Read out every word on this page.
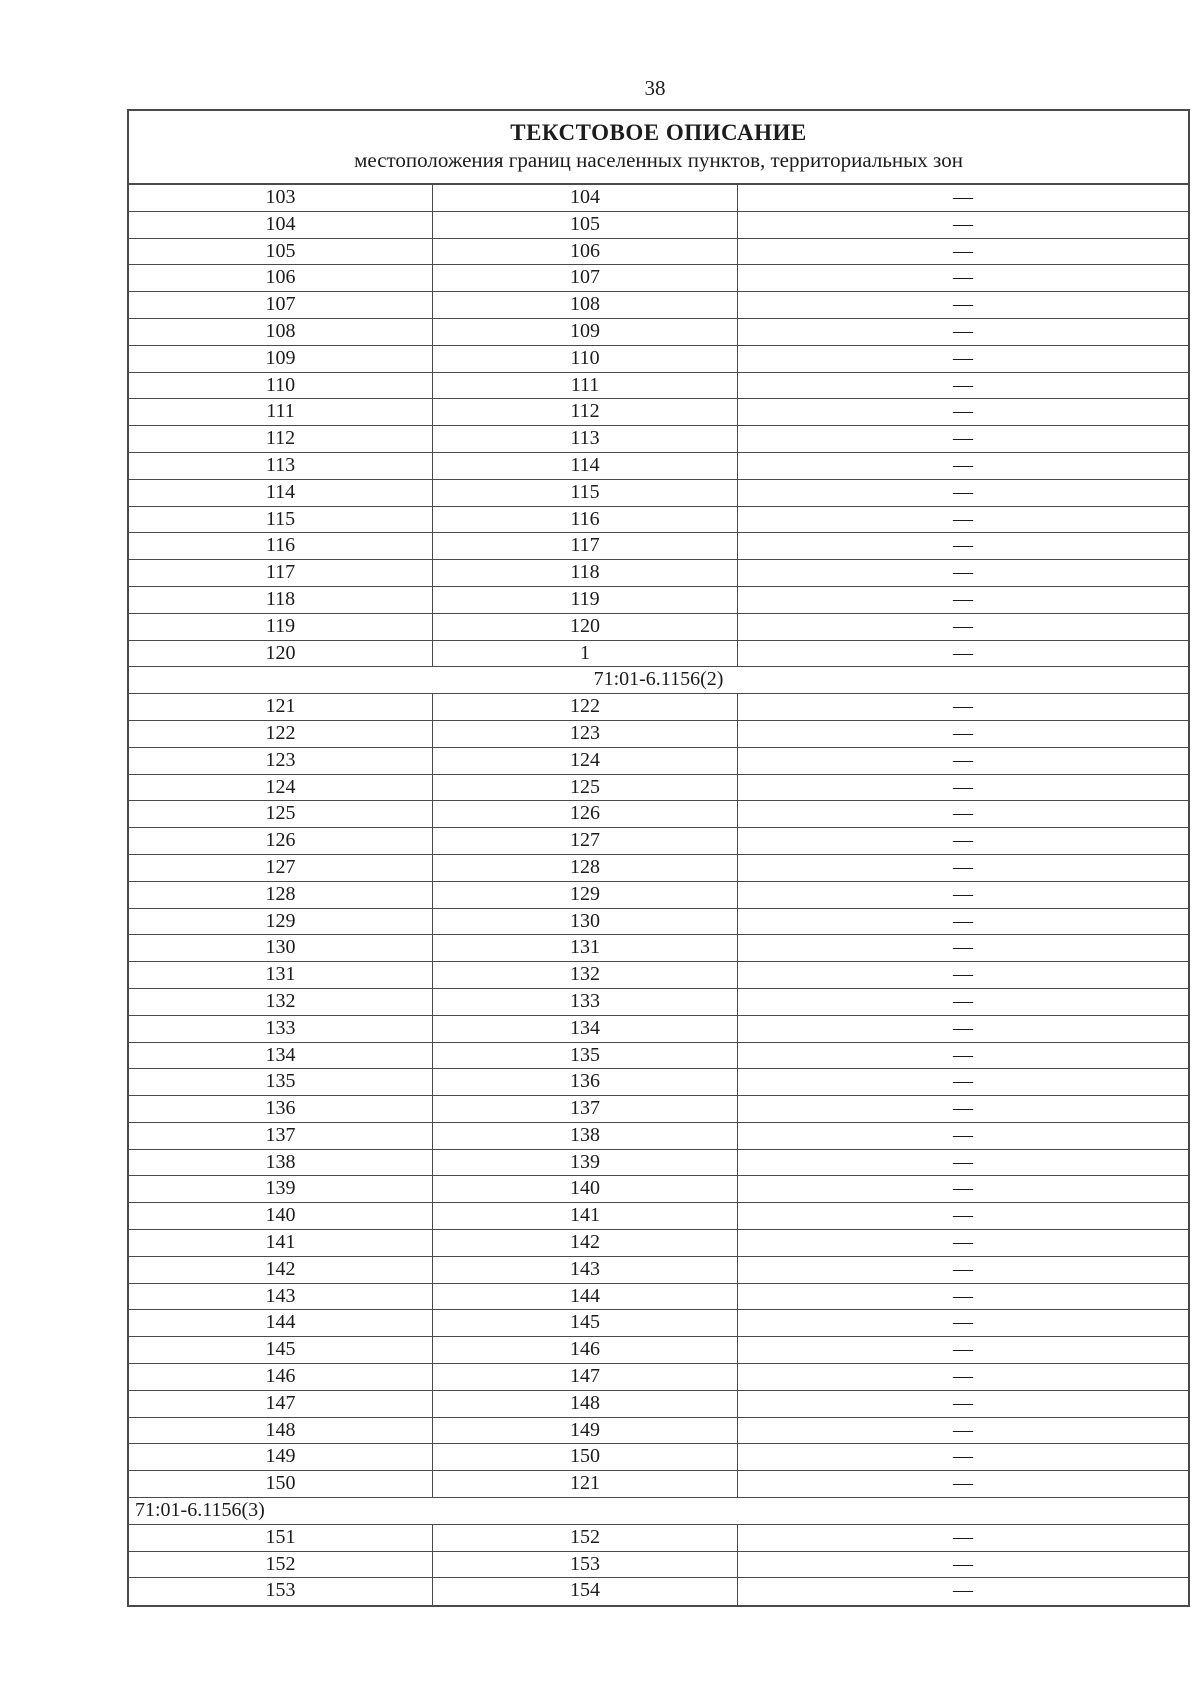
38
ТЕКСТОВОЕ ОПИСАНИЕ
местоположения границ населенных пунктов, территориальных зон
103	104	—
104	105	—
105	106	—
106	107	—
107	108	—
108	109	—
109	110	—
110	111	—
111	112	—
112	113	—
113	114	—
114	115	—
115	116	—
116	117	—
117	118	—
118	119	—
119	120	—
120	1	—
71:01-6.1156(2)
121	122	—
122	123	—
123	124	—
124	125	—
125	126	—
126	127	—
127	128	—
128	129	—
129	130	—
130	131	—
131	132	—
132	133	—
133	134	—
134	135	—
135	136	—
136	137	—
137	138	—
138	139	—
139	140	—
140	141	—
141	142	—
142	143	—
143	144	—
144	145	—
145	146	—
146	147	—
147	148	—
148	149	—
149	150	—
150	121	—
71:01-6.1156(3)
151	152	—
152	153	—
153	154	—
